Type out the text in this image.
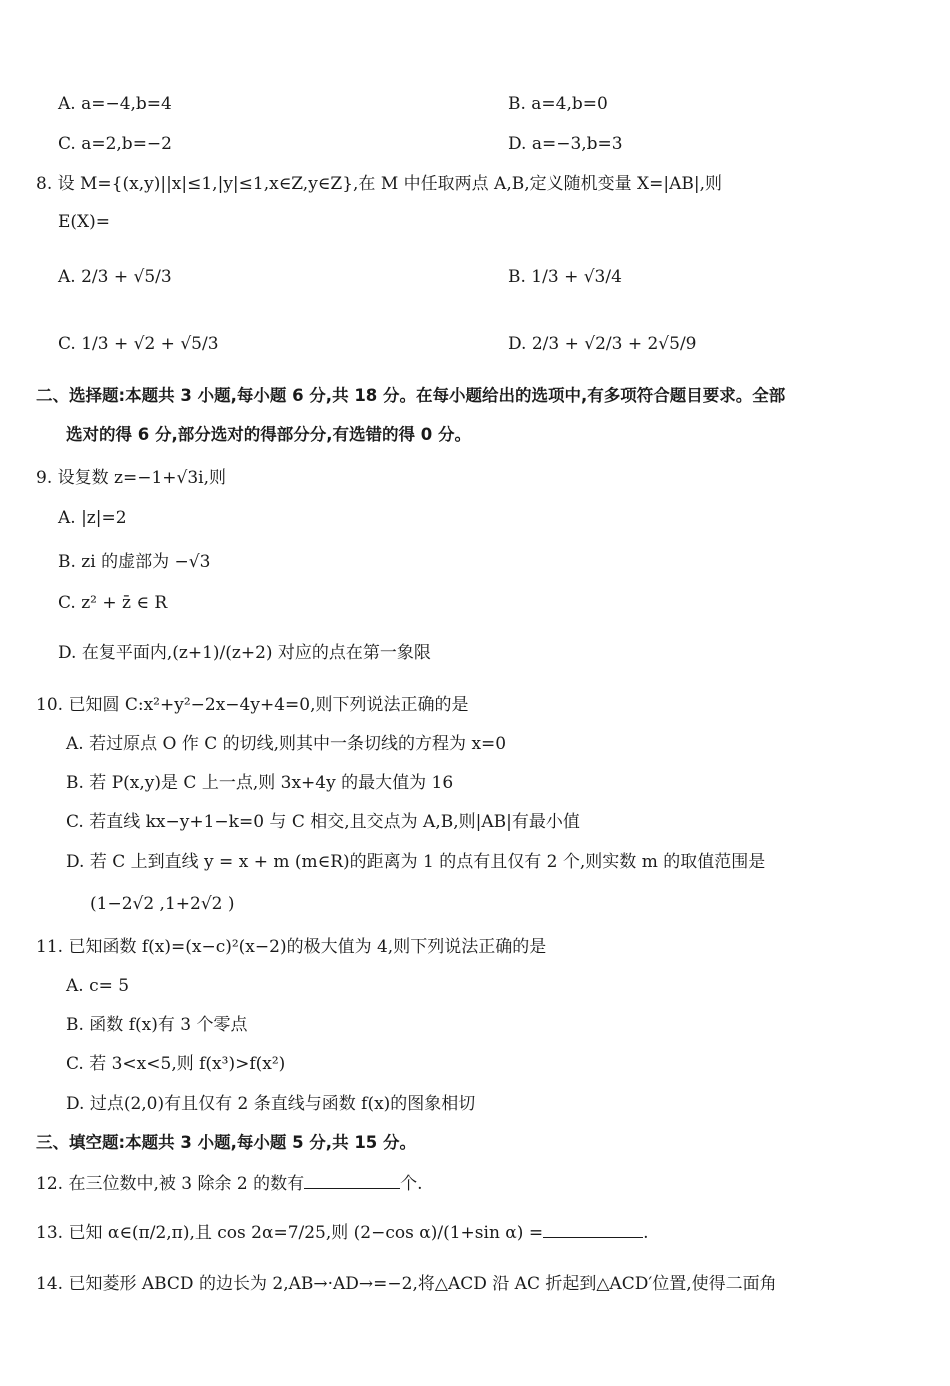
A. a=−4,b=4	B. a=4,b=0
C. a=2,b=−2	D. a=−3,b=3
8. 设 M={(x,y)||x|≤1,|y|≤1,x∈Z,y∈Z},在 M 中任取两点 A,B,定义随机变量 X=|AB|,则
E(X)=
A. 2/3 + √5/3	B. 1/3 + √3/4
C. 1/3 + √2 + √5/3	D. 2/3 + √2/3 + 2√5/9
二、选择题:本题共 3 小题,每小题 6 分,共 18 分。在每小题给出的选项中,有多项符合题目要求。全部
选对的得 6 分,部分选对的得部分分,有选错的得 0 分。
9. 设复数 z=−1+√3i,则
A. |z|=2
B. zi 的虚部为 −√3
C. z² + z̄ ∈ R
D. 在复平面内,(z+1)/(z+2) 对应的点在第一象限
10. 已知圆 C:x²+y²−2x−4y+4=0,则下列说法正确的是
A. 若过原点 O 作 C 的切线,则其中一条切线的方程为 x=0
B. 若 P(x,y)是 C 上一点,则 3x+4y 的最大值为 16
C. 若直线 kx−y+1−k=0 与 C 相交,且交点为 A,B,则|AB|有最小值
D. 若 C 上到直线 y = x + m (m∈R)的距离为 1 的点有且仅有 2 个,则实数 m 的取值范围是
(1−2√2 ,1+2√2 )
11. 已知函数 f(x)=(x−c)²(x−2)的极大值为 4,则下列说法正确的是
A. c= 5
B. 函数 f(x)有 3 个零点
C. 若 3<x<5,则 f(x³)>f(x²)
D. 过点(2,0)有且仅有 2 条直线与函数 f(x)的图象相切
三、填空题:本题共 3 小题,每小题 5 分,共 15 分。
12. 在三位数中,被 3 除余 2 的数有	个.
13. 已知 α∈(π/2,π),且 cos 2α=7/25,则 (2−cos α)/(1+sin α) =	.
14. 已知菱形 ABCD 的边长为 2,AB→·AD→=−2,将△ACD 沿 AC 折起到△ACD′位置,使得二面角
